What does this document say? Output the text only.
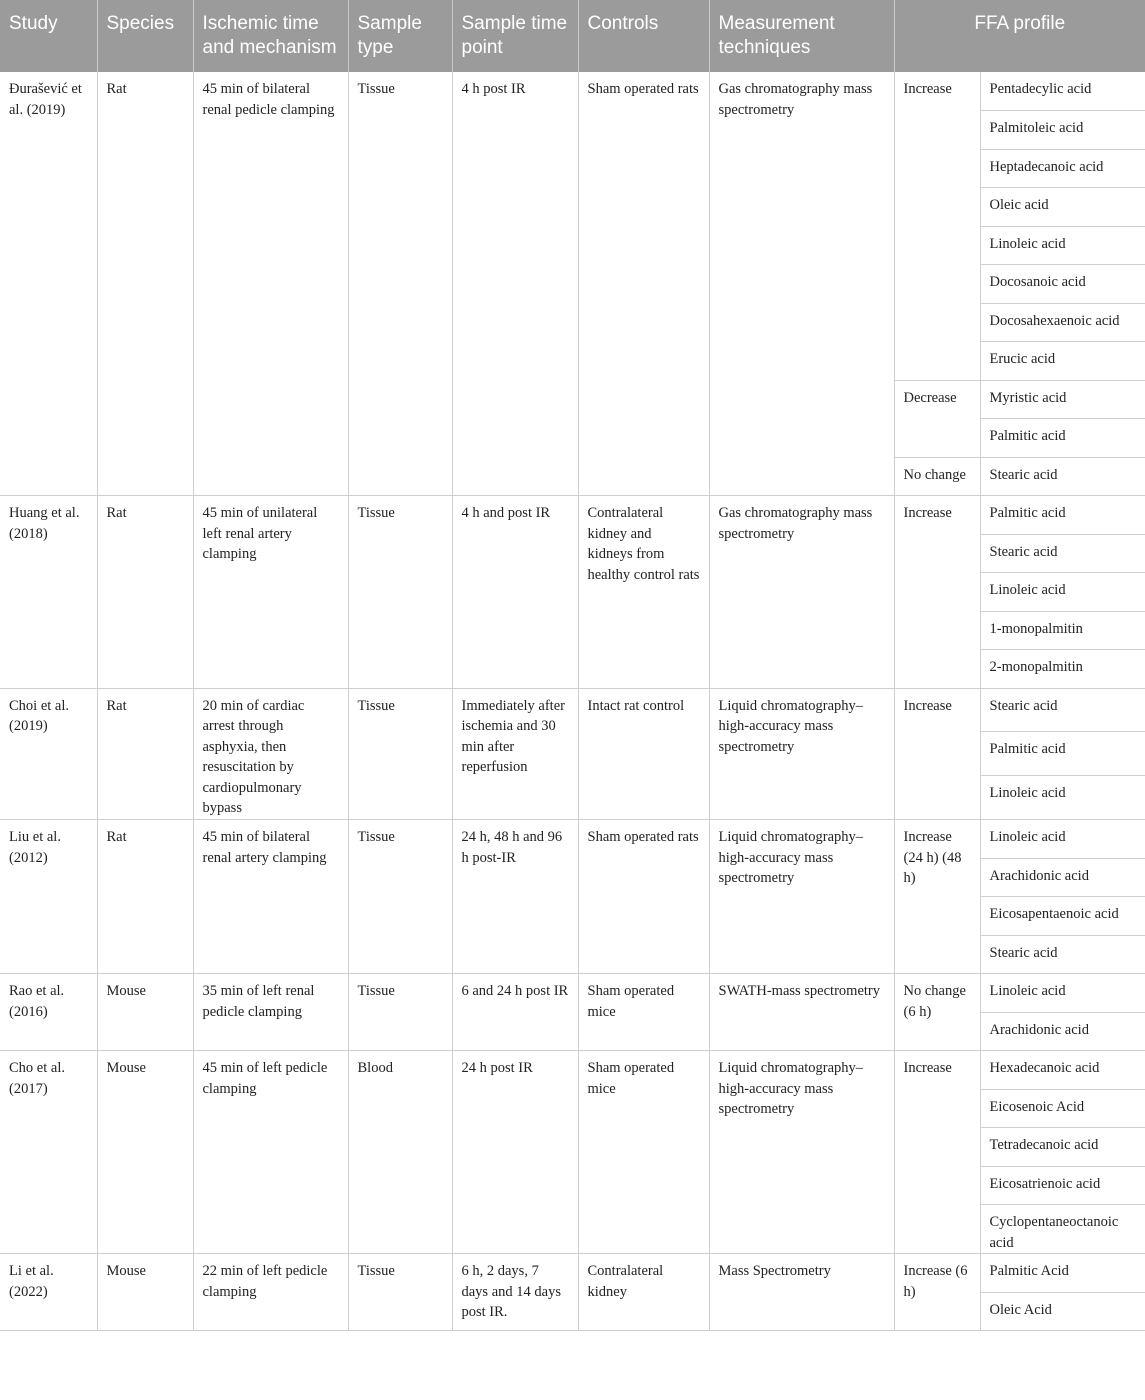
Study	Species	Ischemic time and mechanism	Sample type	Sample time point	Controls	Measurement techniques	FFA profile	
Đurašević et al. (2019)	Rat	45 min of bilateral renal pedicle clamping	Tissue	4 h post IR	Sham operated rats	Gas chromatography mass spectrometry	Increase	Pentadecylic acid
								Palmitoleic acid
								Heptadecanoic acid
								Oleic acid
								Linoleic acid
								Docosanoic acid
								Docosahexaenoic acid
								Erucic acid
							Decrease	Myristic acid
								Palmitic acid
							No change	Stearic acid
Huang et al. (2018)	Rat	45 min of unilateral left renal artery clamping	Tissue	4 h and post IR	Contralateral kidney and kidneys from healthy control rats	Gas chromatography mass spectrometry	Increase	Palmitic acid
								Stearic acid
								Linoleic acid
								1-monopalmitin
								2-monopalmitin
Choi et al. (2019)	Rat	20 min of cardiac arrest through asphyxia, then resuscitation by cardiopulmonary bypass	Tissue	Immediately after ischemia and 30 min after reperfusion	Intact rat control	Liquid chromatography–high-accuracy mass spectrometry	Increase	Stearic acid
								Palmitic acid
								Linoleic acid
Liu et al. (2012)	Rat	45 min of bilateral renal artery clamping	Tissue	24 h, 48 h and 96 h post-IR	Sham operated rats	Liquid chromatography–high-accuracy mass spectrometry	Increase (24 h) (48 h)	Linoleic acid
								Arachidonic acid
								Eicosapentaenoic acid
								Stearic acid
Rao et al. (2016)	Mouse	35 min of left renal pedicle clamping	Tissue	6 and 24 h post IR	Sham operated mice	SWATH-mass spectrometry	No change (6 h)	Linoleic acid
								Arachidonic acid
Cho et al. (2017)	Mouse	45 min of left pedicle clamping	Blood	24 h post IR	Sham operated mice	Liquid chromatography–high-accuracy mass spectrometry	Increase	Hexadecanoic acid
								Eicosenoic Acid
								Tetradecanoic acid
								Eicosatrienoic acid
								Cyclopentaneoctanoic acid
Li et al. (2022)	Mouse	22 min of left pedicle clamping	Tissue	6 h, 2 days, 7 days and 14 days post IR.	Contralateral kidney	Mass Spectrometry	Increase (6 h)	Palmitic Acid
								Oleic Acid
